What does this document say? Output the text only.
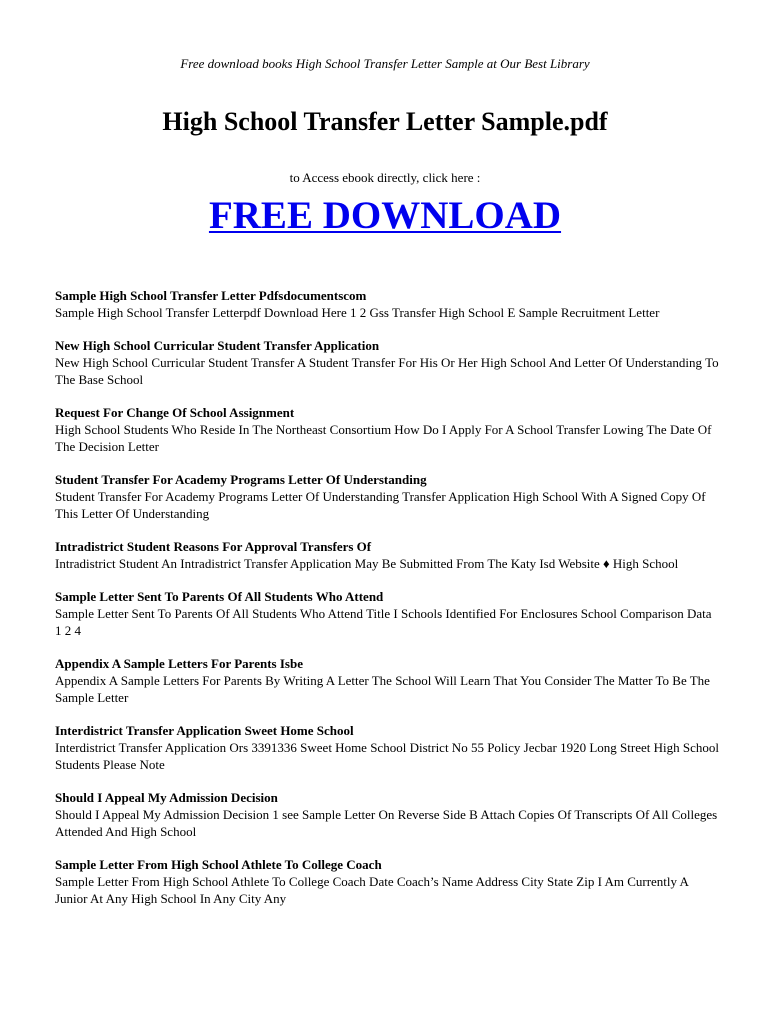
Free download books High School Transfer Letter Sample at Our Best Library
High School Transfer Letter Sample.pdf
to Access ebook directly, click here :
FREE DOWNLOAD

Sample High School Transfer Letter Pdfsdocumentscom

Sample High School Transfer Letterpdf Download Here 1 2 Gss Transfer High School E Sample Recruitment Letter

New High School Curricular Student Transfer Application

New High School Curricular Student Transfer A Student Transfer For His Or Her High School And Letter Of Understanding To The Base School

Request For Change Of School Assignment

High School Students Who Reside In The Northeast Consortium How Do I Apply For A School Transfer Lowing The Date Of The Decision Letter

Student Transfer For Academy Programs Letter Of Understanding

Student Transfer For Academy Programs Letter Of Understanding Transfer Application High School With A Signed Copy Of This Letter Of Understanding

Intradistrict Student Reasons For Approval Transfers Of

Intradistrict Student An Intradistrict Transfer Application May Be Submitted From The Katy Isd Website ♦ High School

Sample Letter Sent To Parents Of All Students Who Attend

Sample Letter Sent To Parents Of All Students Who Attend Title I Schools Identified For Enclosures School Comparison Data 1 2 4

Appendix A Sample Letters For Parents Isbe

Appendix A Sample Letters For Parents By Writing A Letter The School Will Learn That You Consider The Matter To Be The Sample Letter

Interdistrict Transfer Application Sweet Home School

Interdistrict Transfer Application Ors 3391336 Sweet Home School District No 55 Policy Jecbar 1920 Long Street High School Students Please Note

Should I Appeal My Admission Decision

Should I Appeal My Admission Decision 1 see Sample Letter On Reverse Side B Attach Copies Of Transcripts Of All Colleges Attended And High School

Sample Letter From High School Athlete To College Coach

Sample Letter From High School Athlete To College Coach Date Coach’s Name Address City State Zip I Am Currently A Junior At Any High School In Any City Any
